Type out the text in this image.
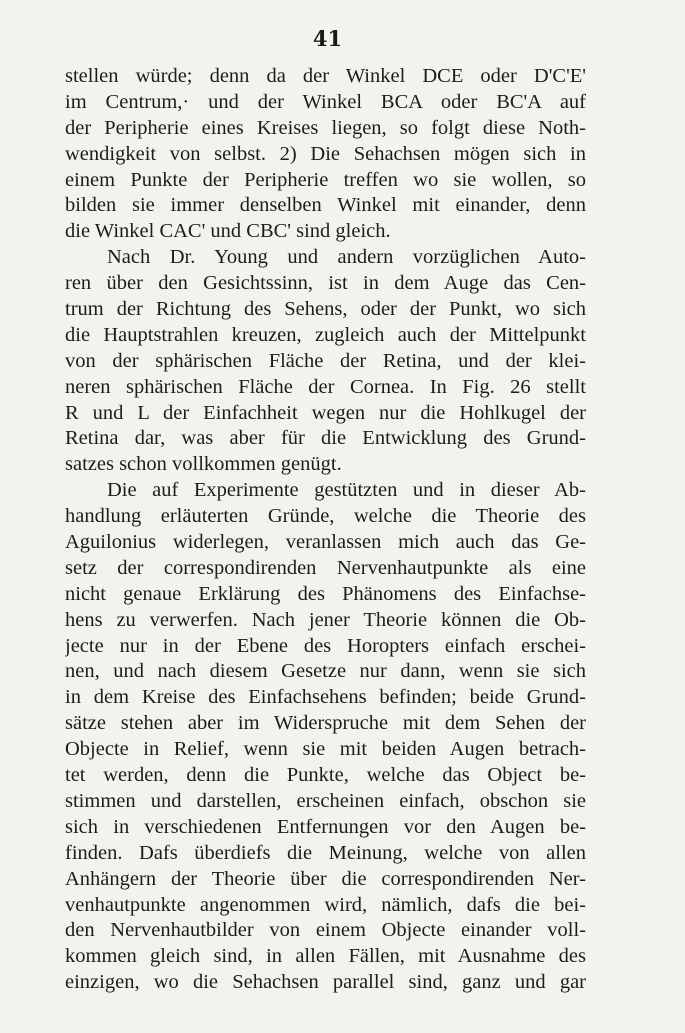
41
stellen würde; denn da der Winkel DCE oder D'C'E'
im Centrum,· und der Winkel BCA oder BC'A auf
der Peripherie eines Kreises liegen, so folgt diese Noth-
wendigkeit von selbst. 2) Die Sehachsen mögen sich in
einem Punkte der Peripherie treffen wo sie wollen, so
bilden sie immer denselben Winkel mit einander, denn
die Winkel CAC' und CBC' sind gleich.
Nach Dr. Young und andern vorzüglichen Auto-
ren über den Gesichtssinn, ist in dem Auge das Cen-
trum der Richtung des Sehens, oder der Punkt, wo sich
die Hauptstrahlen kreuzen, zugleich auch der Mittelpunkt
von der sphärischen Fläche der Retina, und der klei-
neren sphärischen Fläche der Cornea. In Fig. 26 stellt
R und L der Einfachheit wegen nur die Hohlkugel der
Retina dar, was aber für die Entwicklung des Grund-
satzes schon vollkommen genügt.
Die auf Experimente gestützten und in dieser Ab-
handlung erläuterten Gründe, welche die Theorie des
Aguilonius widerlegen, veranlassen mich auch das Ge-
setz der correspondirenden Nervenhautpunkte als eine
nicht genaue Erklärung des Phänomens des Einfachse-
hens zu verwerfen. Nach jener Theorie können die Ob-
jecte nur in der Ebene des Horopters einfach erschei-
nen, und nach diesem Gesetze nur dann, wenn sie sich
in dem Kreise des Einfachsehens befinden; beide Grund-
sätze stehen aber im Widerspruche mit dem Sehen der
Objecte in Relief, wenn sie mit beiden Augen betrach-
tet werden, denn die Punkte, welche das Object be-
stimmen und darstellen, erscheinen einfach, obschon sie
sich in verschiedenen Entfernungen vor den Augen be-
finden. Dafs überdiefs die Meinung, welche von allen
Anhängern der Theorie über die correspondirenden Ner-
venhautpunkte angenommen wird, nämlich, dafs die bei-
den Nervenhautbilder von einem Objecte einander voll-
kommen gleich sind, in allen Fällen, mit Ausnahme des
einzigen, wo die Sehachsen parallel sind, ganz und gar
